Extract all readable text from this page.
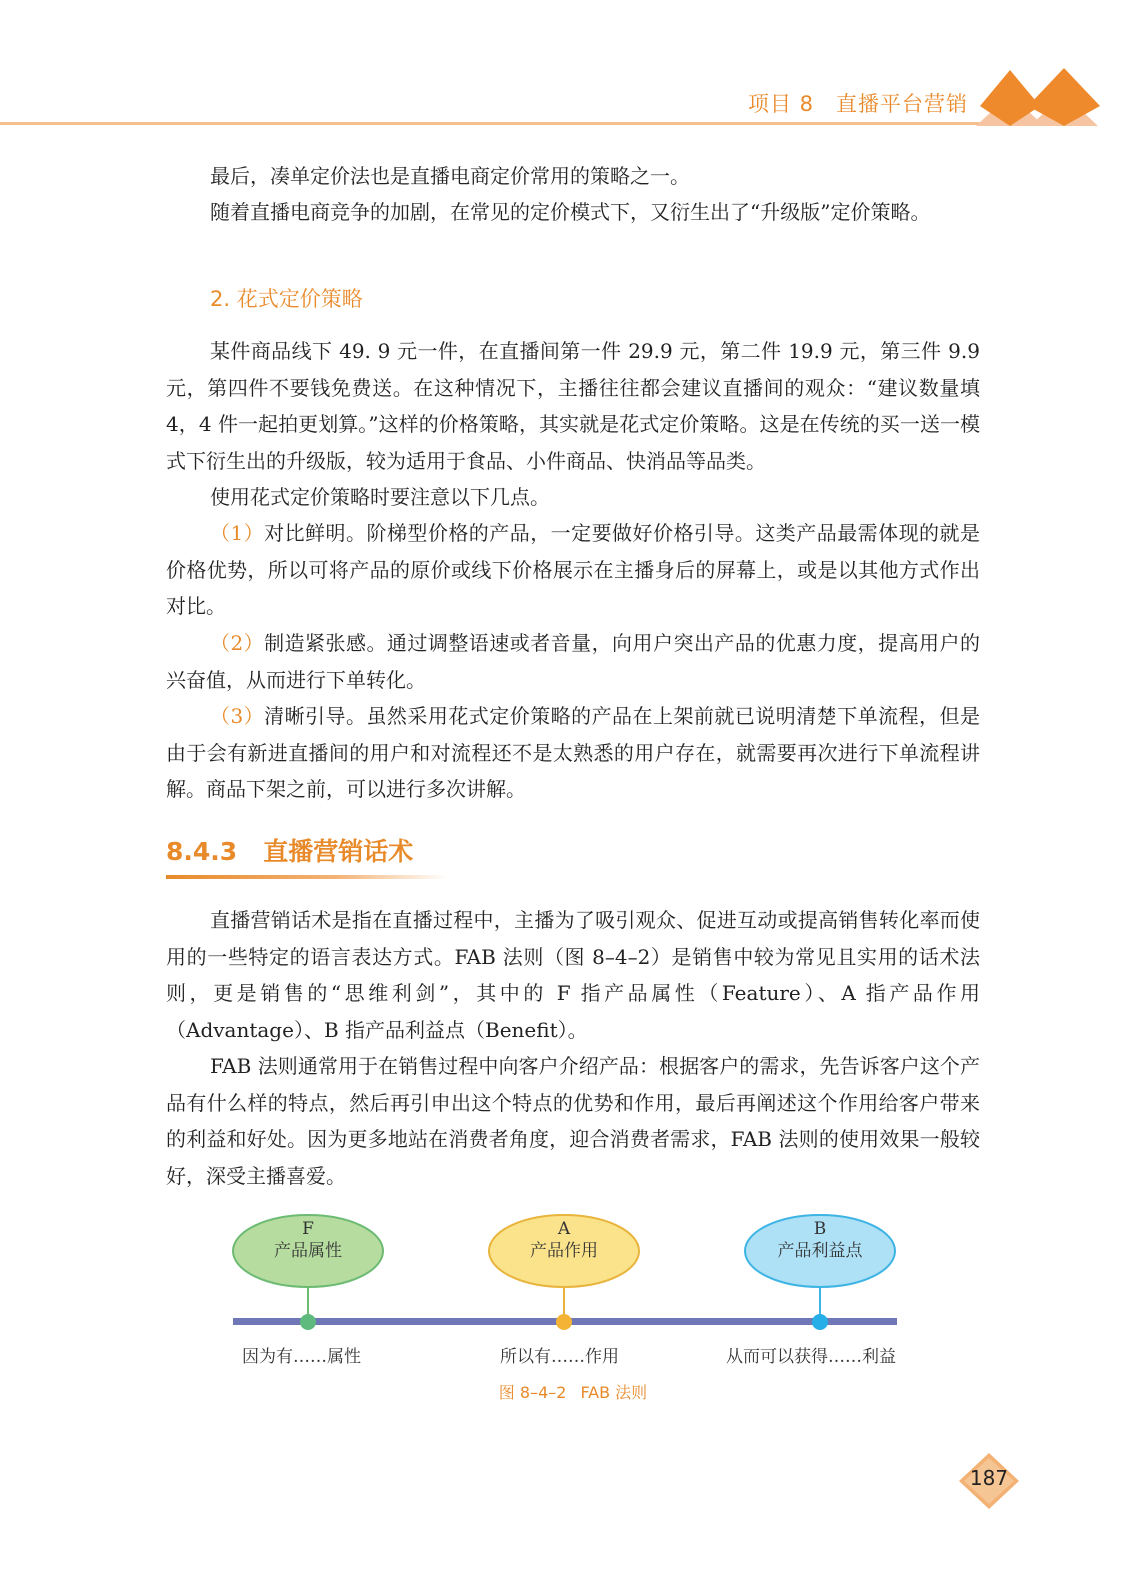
项目 8 直播平台营销

最后，凑单定价法也是直播电商定价常用的策略之一。

随着直播电商竞争的加剧，在常见的定价模式下，又衍生出了“升级版”定价策略。

2. 花式定价策略

某件商品线下 49. 9 元一件，在直播间第一件 29.9 元，第二件 19.9 元，第三件 9.9 元，第四件不要钱免费送。在这种情况下，主播往往都会建议直播间的观众：“建议数量填 4，4 件一起拍更划算。”这样的价格策略，其实就是花式定价策略。这是在传统的买一送一模式下衍生出的升级版，较为适用于食品、小件商品、快消品等品类。

使用花式定价策略时要注意以下几点。

（1）对比鲜明。阶梯型价格的产品，一定要做好价格引导。这类产品最需体现的就是价格优势，所以可将产品的原价或线下价格展示在主播身后的屏幕上，或是以其他方式作出对比。

（2）制造紧张感。通过调整语速或者音量，向用户突出产品的优惠力度，提高用户的兴奋值，从而进行下单转化。

（3）清晰引导。虽然采用花式定价策略的产品在上架前就已说明清楚下单流程，但是由于会有新进直播间的用户和对流程还不是太熟悉的用户存在，就需要再次进行下单流程讲解。商品下架之前，可以进行多次讲解。

8.4.3 直播营销话术

直播营销话术是指在直播过程中，主播为了吸引观众、促进互动或提高销售转化率而使用的一些特定的语言表达方式。FAB 法则（图 8–4–2）是销售中较为常见且实用的话术法则，更是销售的“思维利剑”，其中的 F 指产品属性（Feature）、A 指产品作用（Advantage）、B 指产品利益点（Benefit）。

FAB 法则通常用于在销售过程中向客户介绍产品：根据客户的需求，先告诉客户这个产品有什么样的特点，然后再引申出这个特点的优势和作用，最后再阐述这个作用给客户带来的利益和好处。因为更多地站在消费者角度，迎合消费者需求，FAB 法则的使用效果一般较好，深受主播喜爱。

F
产品属性
A
产品作用
B
产品利益点
因为有……属性	所以有……作用	从而可以获得……利益
图 8–4–2 FAB 法则
187
